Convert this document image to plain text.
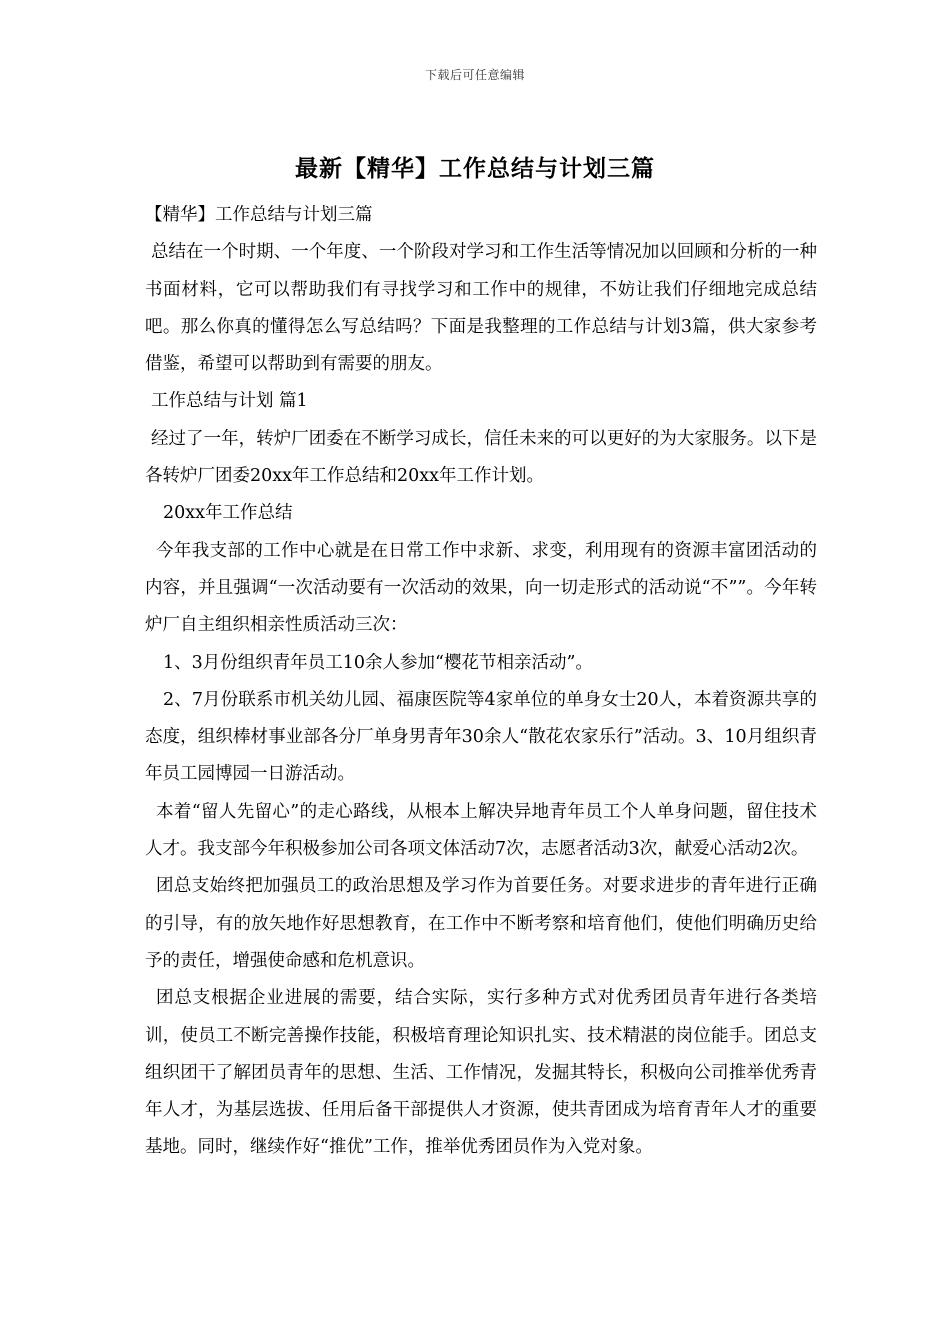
下载后可任意编辑
最新【精华】工作总结与计划三篇

【精华】工作总结与计划三篇

总结在一个时期、一个年度、一个阶段对学习和工作生活等情况加以回顾和分析的一种书面材料，它可以帮助我们有寻找学习和工作中的规律，不妨让我们仔细地完成总结吧。那么你真的懂得怎么写总结吗？下面是我整理的工作总结与计划3篇，供大家参考借鉴，希望可以帮助到有需要的朋友。

工作总结与计划 篇1

经过了一年，转炉厂团委在不断学习成长，信任未来的可以更好的为大家服务。以下是各转炉厂团委20xx年工作总结和20xx年工作计划。

20xx年工作总结

今年我支部的工作中心就是在日常工作中求新、求变，利用现有的资源丰富团活动的内容，并且强调“一次活动要有一次活动的效果，向一切走形式的活动说“不””。今年转炉厂自主组织相亲性质活动三次：

1、3月份组织青年员工10余人参加“樱花节相亲活动”。

2、7月份联系市机关幼儿园、福康医院等4家单位的单身女士20人，本着资源共享的态度，组织棒材事业部各分厂单身男青年30余人“散花农家乐行”活动。3、10月组织青年员工园博园一日游活动。

本着“留人先留心”的走心路线，从根本上解决异地青年员工个人单身问题，留住技术人才。我支部今年积极参加公司各项文体活动7次，志愿者活动3次，献爱心活动2次。

团总支始终把加强员工的政治思想及学习作为首要任务。对要求进步的青年进行正确的引导，有的放矢地作好思想教育，在工作中不断考察和培育他们，使他们明确历史给予的责任，增强使命感和危机意识。

团总支根据企业进展的需要，结合实际，实行多种方式对优秀团员青年进行各类培训，使员工不断完善操作技能，积极培育理论知识扎实、技术精湛的岗位能手。团总支组织团干了解团员青年的思想、生活、工作情况，发掘其特长，积极向公司推举优秀青年人才，为基层选拔、任用后备干部提供人才资源，使共青团成为培育青年人才的重要基地。同时，继续作好“推优”工作，推举优秀团员作为入党对象。
